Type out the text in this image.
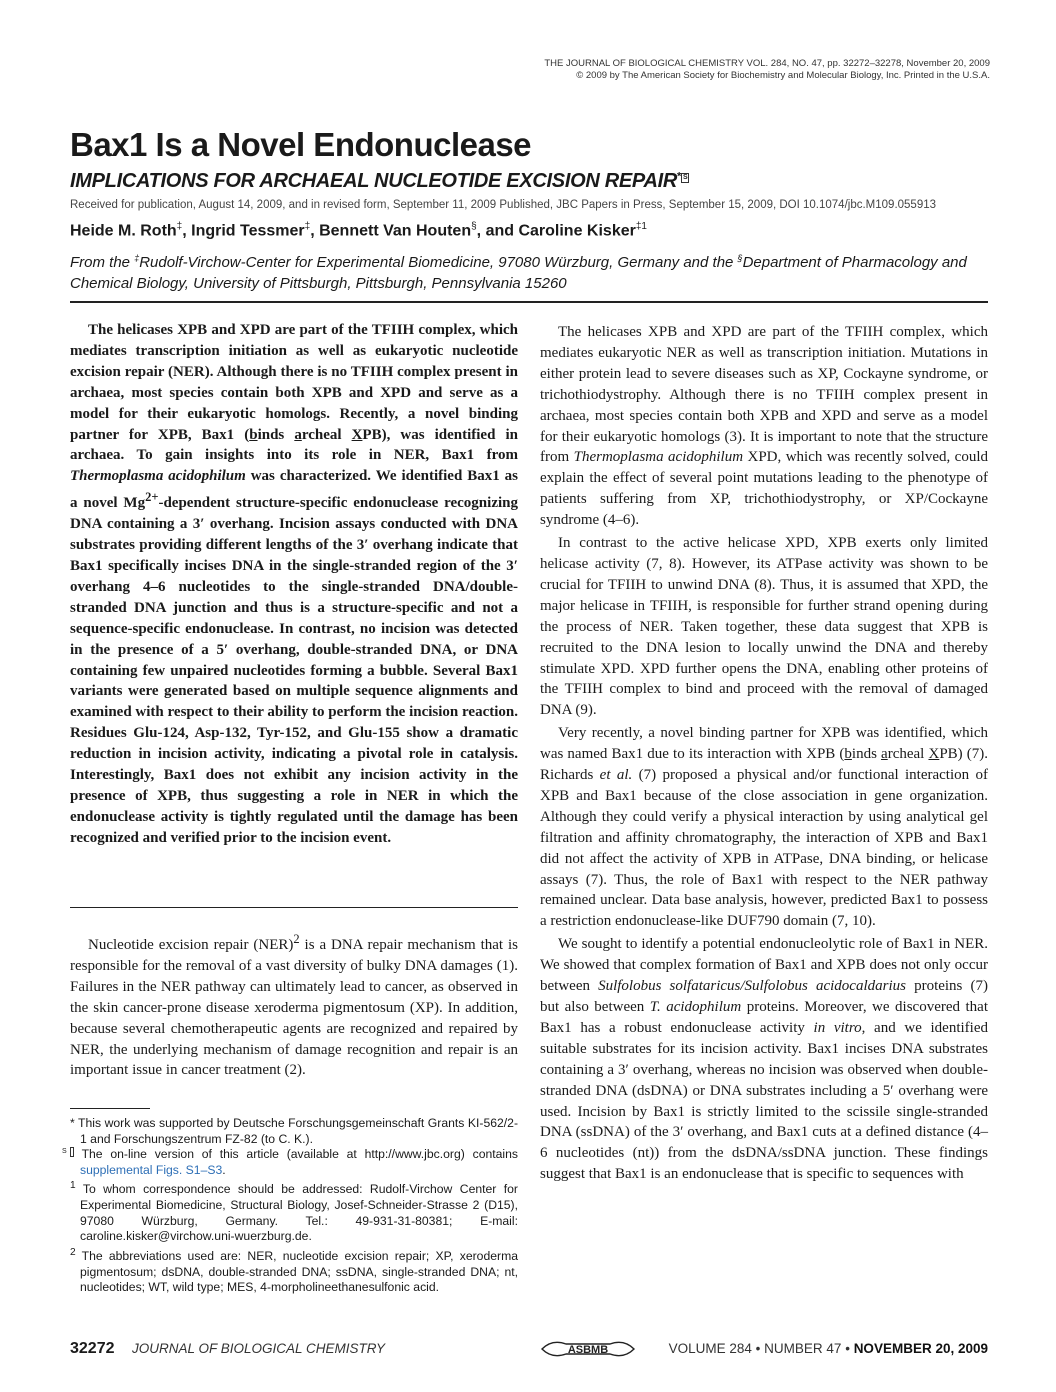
THE JOURNAL OF BIOLOGICAL CHEMISTRY VOL. 284, NO. 47, pp. 32272–32278, November 20, 2009
© 2009 by The American Society for Biochemistry and Molecular Biology, Inc. Printed in the U.S.A.
Bax1 Is a Novel Endonuclease
IMPLICATIONS FOR ARCHAEAL NUCLEOTIDE EXCISION REPAIR* S
Received for publication, August 14, 2009, and in revised form, September 11, 2009 Published, JBC Papers in Press, September 15, 2009, DOI 10.1074/jbc.M109.055913
Heide M. Roth‡, Ingrid Tessmer‡, Bennett Van Houten§, and Caroline Kisker$^{\ddagger 1}$
From the ‡Rudolf-Virchow-Center for Experimental Biomedicine, 97080 Würzburg, Germany and the §Department of Pharmacology and Chemical Biology, University of Pittsburgh, Pittsburgh, Pennsylvania 15260
The helicases XPB and XPD are part of the TFIIH complex, which mediates transcription initiation as well as eukaryotic nucleotide excision repair (NER). Although there is no TFIIH complex present in archaea, most species contain both XPB and XPD and serve as a model for their eukaryotic homologs. Recently, a novel binding partner for XPB, Bax1 (binds archeal XPB), was identified in archaea. To gain insights into its role in NER, Bax1 from Thermoplasma acidophilum was characterized. We identified Bax1 as a novel $Mg^{2+}$-dependent structure-specific endonuclease recognizing DNA containing a 3′ overhang. Incision assays conducted with DNA substrates providing different lengths of the 3′ overhang indicate that Bax1 specifically incises DNA in the single-stranded region of the 3′ overhang 4–6 nucleotides to the single-stranded DNA/double-stranded DNA junction and thus is a structure-specific and not a sequence-specific endonuclease. In contrast, no incision was detected in the presence of a 5′ overhang, double-stranded DNA, or DNA containing few unpaired nucleotides forming a bubble. Several Bax1 variants were generated based on multiple sequence alignments and examined with respect to their ability to perform the incision reaction. Residues Glu-124, Asp-132, Tyr-152, and Glu-155 show a dramatic reduction in incision activity, indicating a pivotal role in catalysis. Interestingly, Bax1 does not exhibit any incision activity in the presence of XPB, thus suggesting a role in NER in which the endonuclease activity is tightly regulated until the damage has been recognized and verified prior to the incision event.
Nucleotide excision repair (NER)$^2$ is a DNA repair mechanism that is responsible for the removal of a vast diversity of bulky DNA damages (1). Failures in the NER pathway can ultimately lead to cancer, as observed in the skin cancer-prone disease xeroderma pigmentosum (XP). In addition, because several chemotherapeutic agents are recognized and repaired by NER, the underlying mechanism of damage recognition and repair is an important issue in cancer treatment (2).
* This work was supported by Deutsche Forschungsgemeinschaft Grants KI-562/2-1 and Forschungszentrum FZ-82 (to C. K.).
S The on-line version of this article (available at http://www.jbc.org) contains supplemental Figs. S1–S3.
$^1$ To whom correspondence should be addressed: Rudolf-Virchow Center for Experimental Biomedicine, Structural Biology, Josef-Schneider-Strasse 2 (D15), 97080 Würzburg, Germany. Tel.: 49-931-31-80381; E-mail: caroline.kisker@virchow.uni-wuerzburg.de.
$^2$ The abbreviations used are: NER, nucleotide excision repair; XP, xeroderma pigmentosum; dsDNA, double-stranded DNA; ssDNA, single-stranded DNA; nt, nucleotides; WT, wild type; MES, 4-morpholineethanesulfonic acid.

The helicases XPB and XPD are part of the TFIIH complex, which mediates eukaryotic NER as well as transcription initiation. Mutations in either protein lead to severe diseases such as XP, Cockayne syndrome, or trichothiodystrophy. Although there is no TFIIH complex present in archaea, most species contain both XPB and XPD and serve as a model for their eukaryotic homologs (3). It is important to note that the structure from Thermoplasma acidophilum XPD, which was recently solved, could explain the effect of several point mutations leading to the phenotype of patients suffering from XP, trichothiodystrophy, or XP/Cockayne syndrome (4–6).

In contrast to the active helicase XPD, XPB exerts only limited helicase activity (7, 8). However, its ATPase activity was shown to be crucial for TFIIH to unwind DNA (8). Thus, it is assumed that XPD, the major helicase in TFIIH, is responsible for further strand opening during the process of NER. Taken together, these data suggest that XPB is recruited to the DNA lesion to locally unwind the DNA and thereby stimulate XPD. XPD further opens the DNA, enabling other proteins of the TFIIH complex to bind and proceed with the removal of damaged DNA (9).

Very recently, a novel binding partner for XPB was identified, which was named Bax1 due to its interaction with XPB (binds archeal XPB) (7). Richards et al. (7) proposed a physical and/or functional interaction of XPB and Bax1 because of the close association in gene organization. Although they could verify a physical interaction by using analytical gel filtration and affinity chromatography, the interaction of XPB and Bax1 did not affect the activity of XPB in ATPase, DNA binding, or helicase assays (7). Thus, the role of Bax1 with respect to the NER pathway remained unclear. Data base analysis, however, predicted Bax1 to possess a restriction endonuclease-like DUF790 domain (7, 10).

We sought to identify a potential endonucleolytic role of Bax1 in NER. We showed that complex formation of Bax1 and XPB does not only occur between Sulfolobus solfataricus/Sulfolobus acidocaldarius proteins (7) but also between T. acidophilum proteins. Moreover, we discovered that Bax1 has a robust endonuclease activity in vitro, and we identified suitable substrates for its incision activity. Bax1 incises DNA substrates containing a 3′ overhang, whereas no incision was observed when double-stranded DNA (dsDNA) or DNA substrates including a 5′ overhang were used. Incision by Bax1 is strictly limited to the scissile single-stranded DNA (ssDNA) of the 3′ overhang, and Bax1 cuts at a defined distance (4–6 nucleotides (nt)) from the dsDNA/ssDNA junction. These findings suggest that Bax1 is an endonuclease that is specific to sequences with

32272 JOURNAL OF BIOLOGICAL CHEMISTRY	ASBMB	VOLUME 284 • NUMBER 47 • NOVEMBER 20, 2009
